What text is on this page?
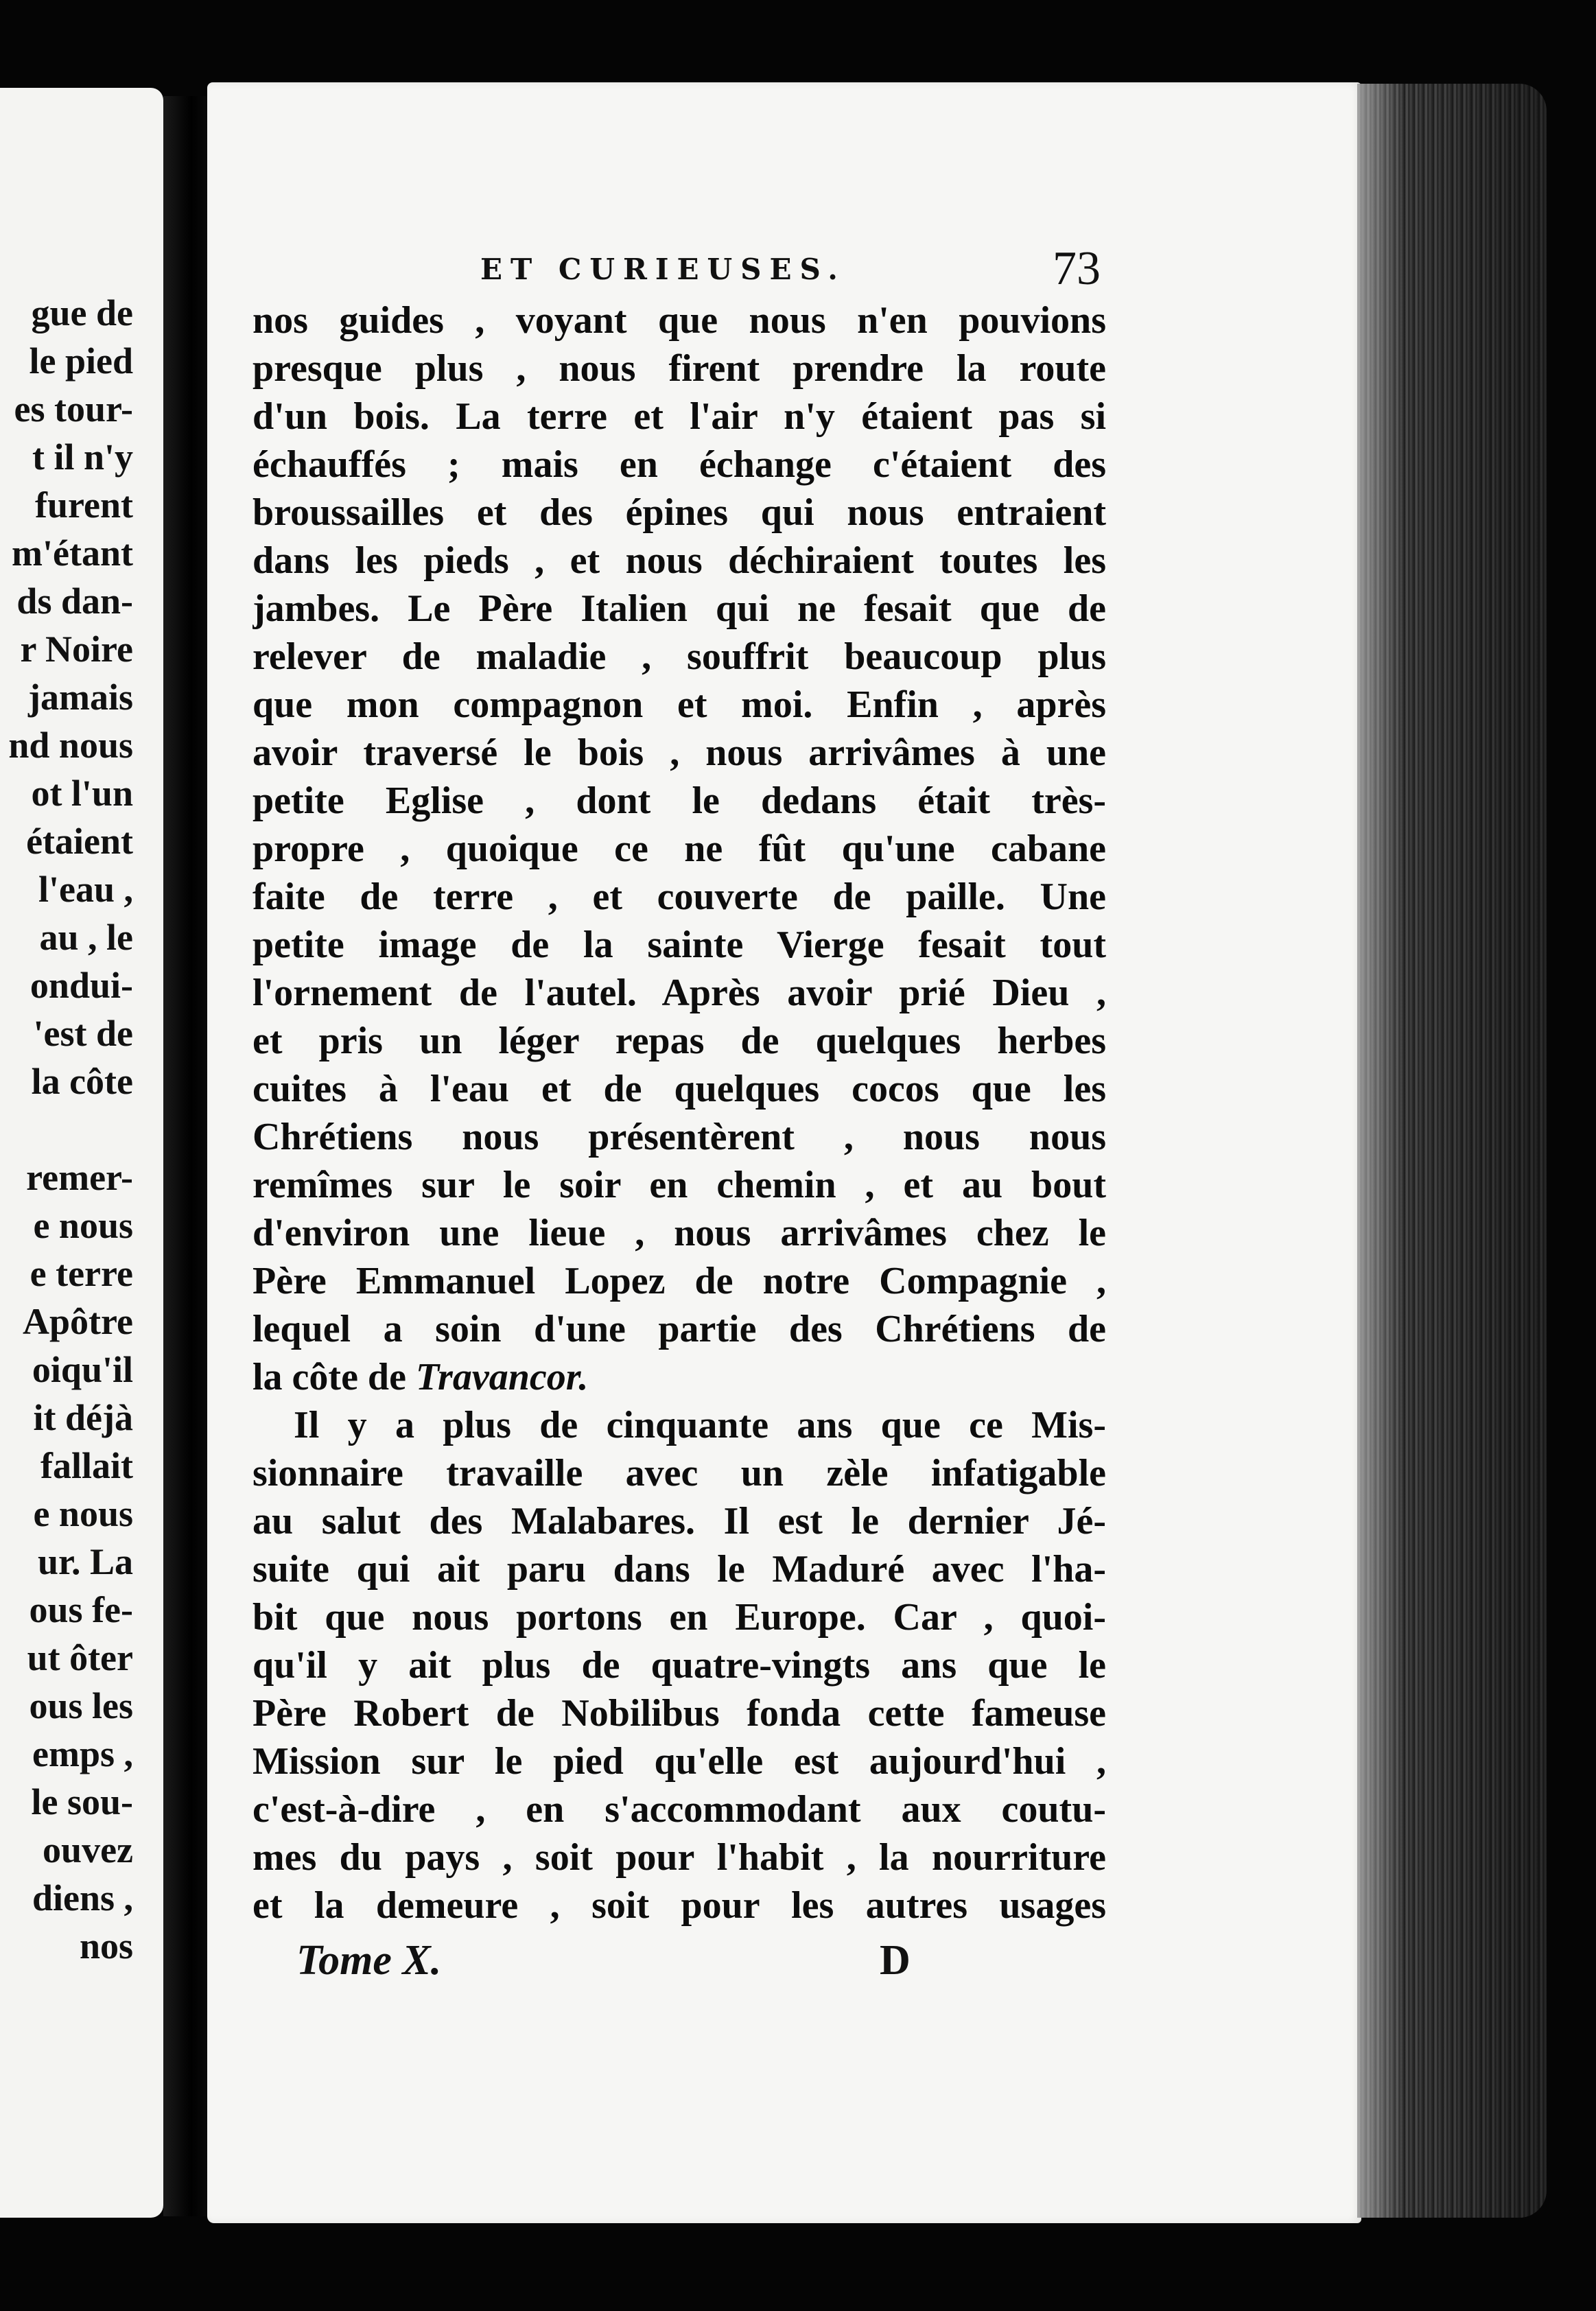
gue de
le pied
es tour-
t il n'y
furent
m'étant
ds dan-
r Noire
jamais
nd nous
ot l'un
étaient
l'eau ,
au , le
ondui-
'est de
la côte
remer-
e nous
e terre
Apôtre
oiqu'il
it déjà
fallait
e nous
ur. La
ous fe-
ut ôter
ous les
emps ,
le sou-
ouvez
diens ,
nos
ET CURIEUSES.	73
nos guides , voyant que nous n'en pouvions
presque plus , nous firent prendre la route
d'un bois. La terre et l'air n'y étaient pas si
échauffés ; mais en échange c'étaient des
broussailles et des épines qui nous entraient
dans les pieds , et nous déchiraient toutes les
jambes. Le Père Italien qui ne fesait que de
relever de maladie , souffrit beaucoup plus
que mon compagnon et moi. Enfin , après
avoir traversé le bois , nous arrivâmes à une
petite Eglise , dont le dedans était très-
propre , quoique ce ne fût qu'une cabane
faite de terre , et couverte de paille. Une
petite image de la sainte Vierge fesait tout
l'ornement de l'autel. Après avoir prié Dieu ,
et pris un léger repas de quelques herbes
cuites à l'eau et de quelques cocos que les
Chrétiens nous présentèrent , nous nous
remîmes sur le soir en chemin , et au bout
d'environ une lieue , nous arrivâmes chez le
Père Emmanuel Lopez de notre Compagnie ,
lequel a soin d'une partie des Chrétiens de
la côte de Travancor.
Il y a plus de cinquante ans que ce Mis-
sionnaire travaille avec un zèle infatigable
au salut des Malabares. Il est le dernier Jé-
suite qui ait paru dans le Maduré avec l'ha-
bit que nous portons en Europe. Car , quoi-
qu'il y ait plus de quatre-vingts ans que le
Père Robert de Nobilibus fonda cette fameuse
Mission sur le pied qu'elle est aujourd'hui ,
c'est-à-dire , en s'accommodant aux coutu-
mes du pays , soit pour l'habit , la nourriture
et la demeure , soit pour les autres usages
Tome X.	D
